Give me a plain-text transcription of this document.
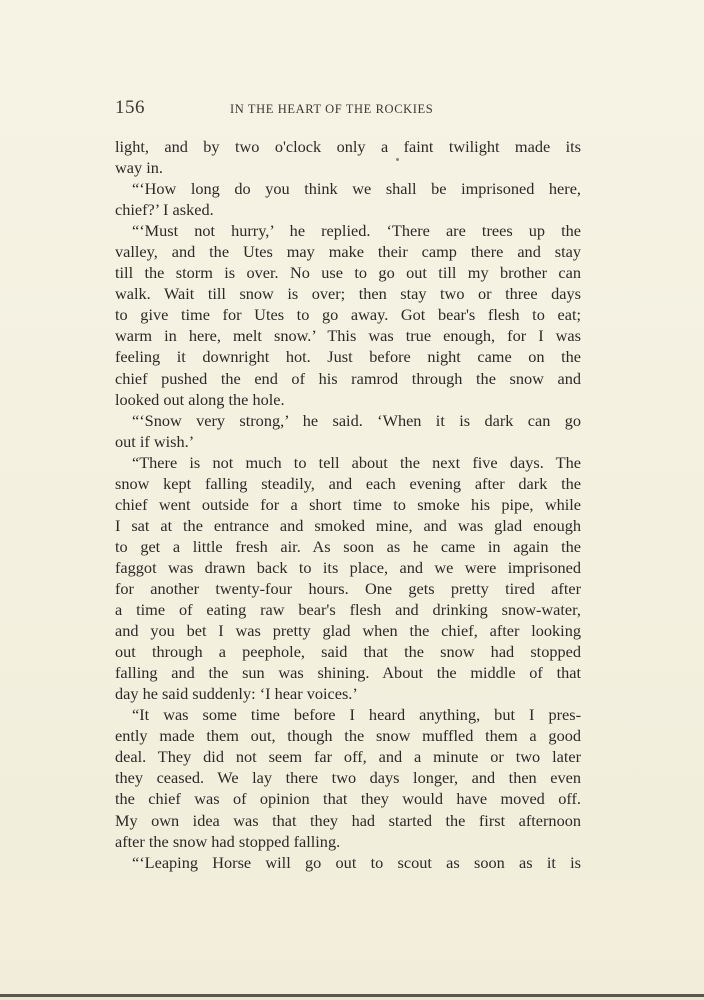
156	IN THE HEART OF THE ROCKIES
light, and by two o'clock only a faint twilight made its
way in.
“‘How long do you think we shall be imprisoned here,
chief?’ I asked.
“‘Must not hurry,’ he replied. ‘There are trees up the
valley, and the Utes may make their camp there and stay
till the storm is over. No use to go out till my brother can
walk. Wait till snow is over; then stay two or three days
to give time for Utes to go away. Got bear's flesh to eat;
warm in here, melt snow.’ This was true enough, for I was
feeling it downright hot. Just before night came on the
chief pushed the end of his ramrod through the snow and
looked out along the hole.
“‘Snow very strong,’ he said. ‘When it is dark can go
out if wish.’
“There is not much to tell about the next five days. The
snow kept falling steadily, and each evening after dark the
chief went outside for a short time to smoke his pipe, while
I sat at the entrance and smoked mine, and was glad enough
to get a little fresh air. As soon as he came in again the
faggot was drawn back to its place, and we were imprisoned
for another twenty-four hours. One gets pretty tired after
a time of eating raw bear's flesh and drinking snow-water,
and you bet I was pretty glad when the chief, after looking
out through a peephole, said that the snow had stopped
falling and the sun was shining. About the middle of that
day he said suddenly: ‘I hear voices.’
“It was some time before I heard anything, but I pres-
ently made them out, though the snow muffled them a good
deal. They did not seem far off, and a minute or two later
they ceased. We lay there two days longer, and then even
the chief was of opinion that they would have moved off.
My own idea was that they had started the first afternoon
after the snow had stopped falling.
“‘Leaping Horse will go out to scout as soon as it is
